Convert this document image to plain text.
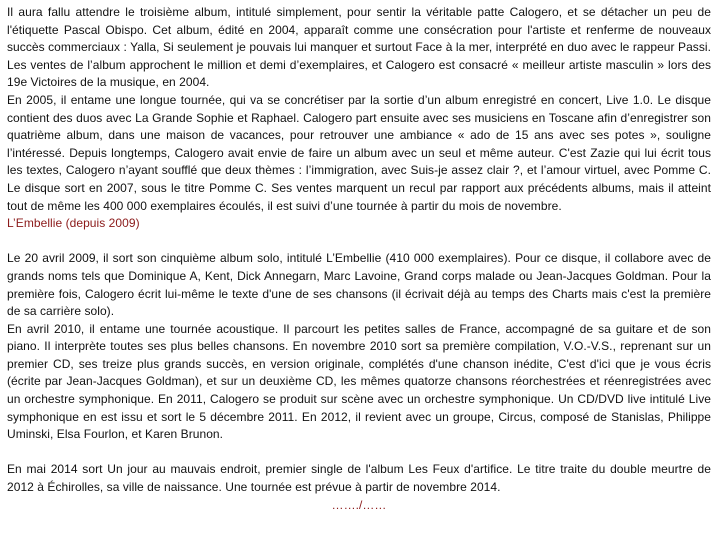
Il aura fallu attendre le troisième album, intitulé simplement, pour sentir la véritable patte Calogero, et se détacher un peu de l'étiquette Pascal Obispo. Cet album, édité en 2004, apparaît comme une consécration pour l'artiste et renferme de nouveaux succès commerciaux : Yalla, Si seulement je pouvais lui manquer et surtout Face à la mer, interprété en duo avec le rappeur Passi. Les ventes de l’album approchent le million et demi d’exemplaires, et Calogero est consacré « meilleur artiste masculin » lors des 19e Victoires de la musique, en 2004.

En 2005, il entame une longue tournée, qui va se concrétiser par la sortie d’un album enregistré en concert, Live 1.0. Le disque contient des duos avec La Grande Sophie et Raphael. Calogero part ensuite avec ses musiciens en Toscane afin d’enregistrer son quatrième album, dans une maison de vacances, pour retrouver une ambiance « ado de 15 ans avec ses potes », souligne l’intéressé. Depuis longtemps, Calogero avait envie de faire un album avec un seul et même auteur. C'est Zazie qui lui écrit tous les textes, Calogero n’ayant soufflé que deux thèmes : l’immigration, avec Suis-je assez clair ?, et l’amour virtuel, avec Pomme C. Le disque sort en 2007, sous le titre Pomme C. Ses ventes marquent un recul par rapport aux précédents albums, mais il atteint tout de même les 400 000 exemplaires écoulés, il est suivi d’une tournée à partir du mois de novembre.

L’Embellie (depuis 2009)

Le 20 avril 2009, il sort son cinquième album solo, intitulé L’Embellie (410 000 exemplaires). Pour ce disque, il collabore avec de grands noms tels que Dominique A, Kent, Dick Annegarn, Marc Lavoine, Grand corps malade ou Jean-Jacques Goldman. Pour la première fois, Calogero écrit lui-même le texte d'une de ses chansons (il écrivait déjà au temps des Charts mais c'est la première de sa carrière solo).

En avril 2010, il entame une tournée acoustique. Il parcourt les petites salles de France, accompagné de sa guitare et de son piano. Il interprète toutes ses plus belles chansons. En novembre 2010 sort sa première compilation, V.O.-V.S., reprenant sur un premier CD, ses treize plus grands succès, en version originale, complétés d'une chanson inédite, C'est d'ici que je vous écris (écrite par Jean-Jacques Goldman), et sur un deuxième CD, les mêmes quatorze chansons réorchestrées et réenregistrées avec un orchestre symphonique. En 2011, Calogero se produit sur scène avec un orchestre symphonique. Un CD/DVD live intitulé Live symphonique en est issu et sort le 5 décembre 2011. En 2012, il revient avec un groupe, Circus, composé de Stanislas, Philippe Uminski, Elsa Fourlon, et Karen Brunon.

En mai 2014 sort Un jour au mauvais endroit, premier single de l'album Les Feux d'artifice. Le titre traite du double meurtre de 2012 à Échirolles, sa ville de naissance. Une tournée est prévue à partir de novembre 2014.

……./……
